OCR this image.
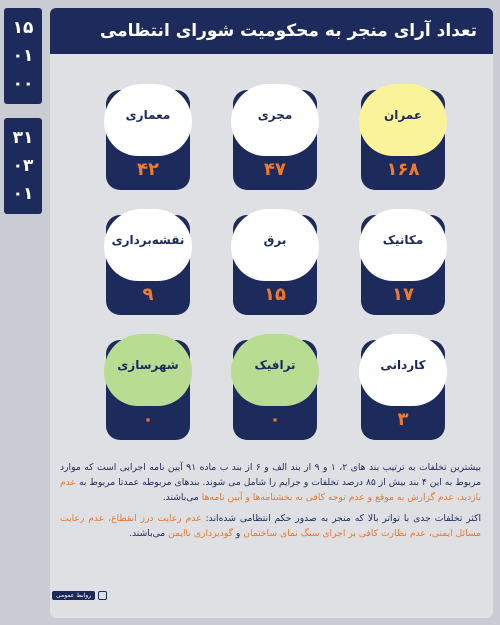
۱۵
۰۱
۰۰
۳۱
۰۳
۰۱
تعداد آرای منجر به محکومیت شورای انتظامی
عمران
۱۶۸
مجری
۴۷
معماری
۴۲
مکانیک
۱۷
برق
۱۵
نقشه‌برداری
۹
کاردانی
۳
ترافیک
۰
شهرسازی
۰

بیشترین تخلفات به ترتیب بند های ۲، ۱ و ۹ از بند الف و ۶ از بند ب ماده ۹۱ آیین نامه اجرایی است که موارد مربوط به این ۴ بند بیش از ۸۵ درصد تخلفات و جرایم را شامل می شوند. بندهای مربوطه عمدتا مربوط به عدم بازدید، عدم گزارش به موقع و عدم توجه کافی به بخشنامه‌ها و آیین نامه‌ها می‌باشند.

اکثر تخلفات جدی با تواتر بالا که منجر به صدور حکم انتظامی شده‌اند: عدم رعایت درز انقطاع، عدم رعایت مسائل ایمنی، عدم نظارت کافی بر اجرای سنگ نمای ساختمان و گودبرداری ناایمن می‌باشند.

روابط عمومی
